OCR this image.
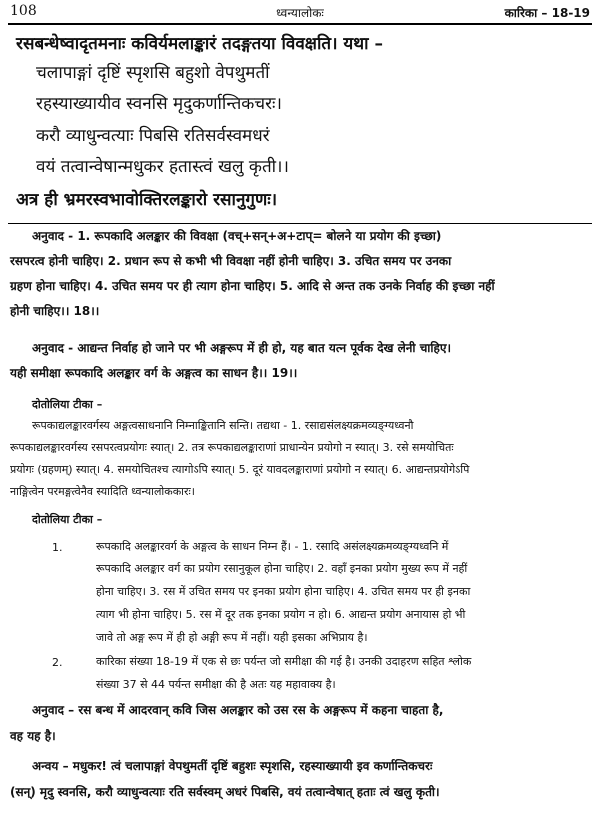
108	ध्वन्यालोकः	कारिका – 18-19
रसबन्धेष्वादृतमनाः कविर्यमलाङ्कारं तदङ्गतया विवक्षति। यथा –
चलापाङ्गां दृष्टिं स्पृशसि बहुशो वेपथुमतीं
रहस्याख्यायीव स्वनसि मृदुकर्णान्तिकचरः।
करौ व्याधुन्वत्याः पिबसि रतिसर्वस्वमधरं
वयं तत्वान्वेषान्मधुकर हतास्त्वं खलु कृती।।
अत्र ही भ्रमरस्वभावोक्तिरलङ्कारो रसानुगुणः।
अनुवाद - 1. रूपकादि अलङ्कार की विवक्षा (वच्+सन्+अ+टाप्= बोलने या प्रयोग की इच्छा)
रसपरत्व होनी चाहिए। 2. प्रधान रूप से कभी भी विवक्षा नहीं होनी चाहिए। 3. उचित समय पर उनका
ग्रहण होना चाहिए। 4. उचित समय पर ही त्याग होना चाहिए। 5. आदि से अन्त तक उनके निर्वाह की इच्छा नहीं
होनी चाहिए।। 18।।
अनुवाद - आद्यन्त निर्वाह हो जाने पर भी अङ्गरूप में ही हो, यह बात यत्न पूर्वक देख लेनी चाहिए।
यही समीक्षा रूपकादि अलङ्कार वर्ग के अङ्गत्व का साधन है।। 19।।
दोतोलिया टीका –
रूपकाद्यलङ्कारवर्गस्य अङ्गत्वसाधनानि निम्नाङ्कितानि सन्ति। तद्यथा - 1. रसाद्यसंलक्ष्यक्रमव्यङ्ग्यध्वनौ
रूपकाद्यलङ्कारवर्गस्य रसपरत्वप्रयोगः स्यात्। 2. तत्र रूपकाद्यलङ्काराणां प्राधान्येन प्रयोगो न स्यात्। 3. रसे समयोचितः
प्रयोगः (ग्रहणम्) स्यात्। 4. समयोचितश्च त्यागोऽपि स्यात्। 5. दूरं यावदलङ्काराणां प्रयोगो न स्यात्। 6. आद्यन्तप्रयोगेऽपि
नाङ्गित्वेन परमङ्गत्वेनैव स्यादिति ध्वन्यालोककारः।
दोतोलिया टीका –
1.	रूपकादि अलङ्कारवर्ग के अङ्गत्व के साधन निम्न हैं। - 1. रसादि असंलक्ष्यक्रमव्यङ्ग्यध्वनि में
रूपकादि अलङ्कार वर्ग का प्रयोग रसानुकूल होना चाहिए। 2. वहाँ इनका प्रयोग मुख्य रूप में नहीं
होना चाहिए। 3. रस में उचित समय पर इनका प्रयोग होना चाहिए। 4. उचित समय पर ही इनका
त्याग भी होना चाहिए। 5. रस में दूर तक इनका प्रयोग न हो। 6. आद्यन्त प्रयोग अनायास हो भी
जावे तो अङ्ग रूप में ही हो अङ्गी रूप में नहीं। यही इसका अभिप्राय है।
2.	कारिका संख्या 18-19 में एक से छः पर्यन्त जो समीक्षा की गई है। उनकी उदाहरण सहित श्लोक
संख्या 37 से 44 पर्यन्त समीक्षा की है अतः यह महावाक्य है।
अनुवाद – रस बन्ध में आदरवान् कवि जिस अलङ्कार को उस रस के अङ्गरूप में कहना चाहता है,
वह यह है।
अन्वय – मधुकर! त्वं चलापाङ्गां वेपथुमतीं दृष्टिं बहुशः स्पृशसि, रहस्याख्यायी इव कर्णान्तिकचरः
(सन्) मृदु स्वनसि, करौ व्याधुन्वत्याः रति सर्वस्वम् अधरं पिबसि, वयं तत्वान्वेषात् हताः त्वं खलु कृती।
